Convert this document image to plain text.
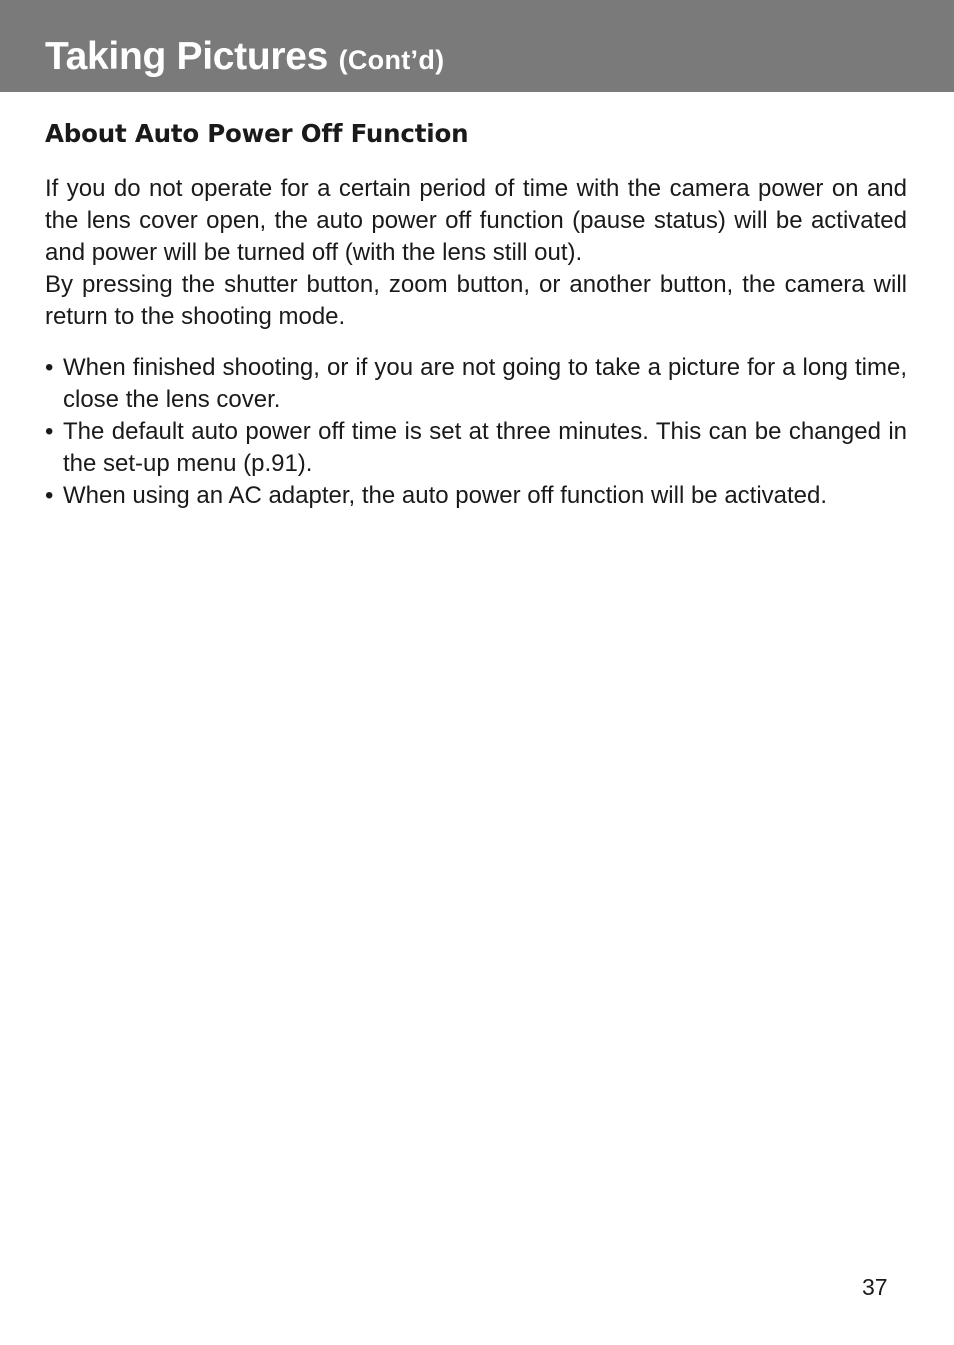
Taking Pictures (Cont’d)
About Auto Power Off Function
If you do not operate for a certain period of time with the camera power on and the lens cover open, the auto power off function (pause status) will be activated and power will be turned off (with the lens still out).
By pressing the shutter button, zoom button, or another button, the camera will return to the shooting mode.
• When finished shooting, or if you are not going to take a picture for a long time, close the lens cover.
• The default auto power off time is set at three minutes. This can be changed in the set-up menu (p.91).
• When using an AC adapter, the auto power off function will be activated.
37
